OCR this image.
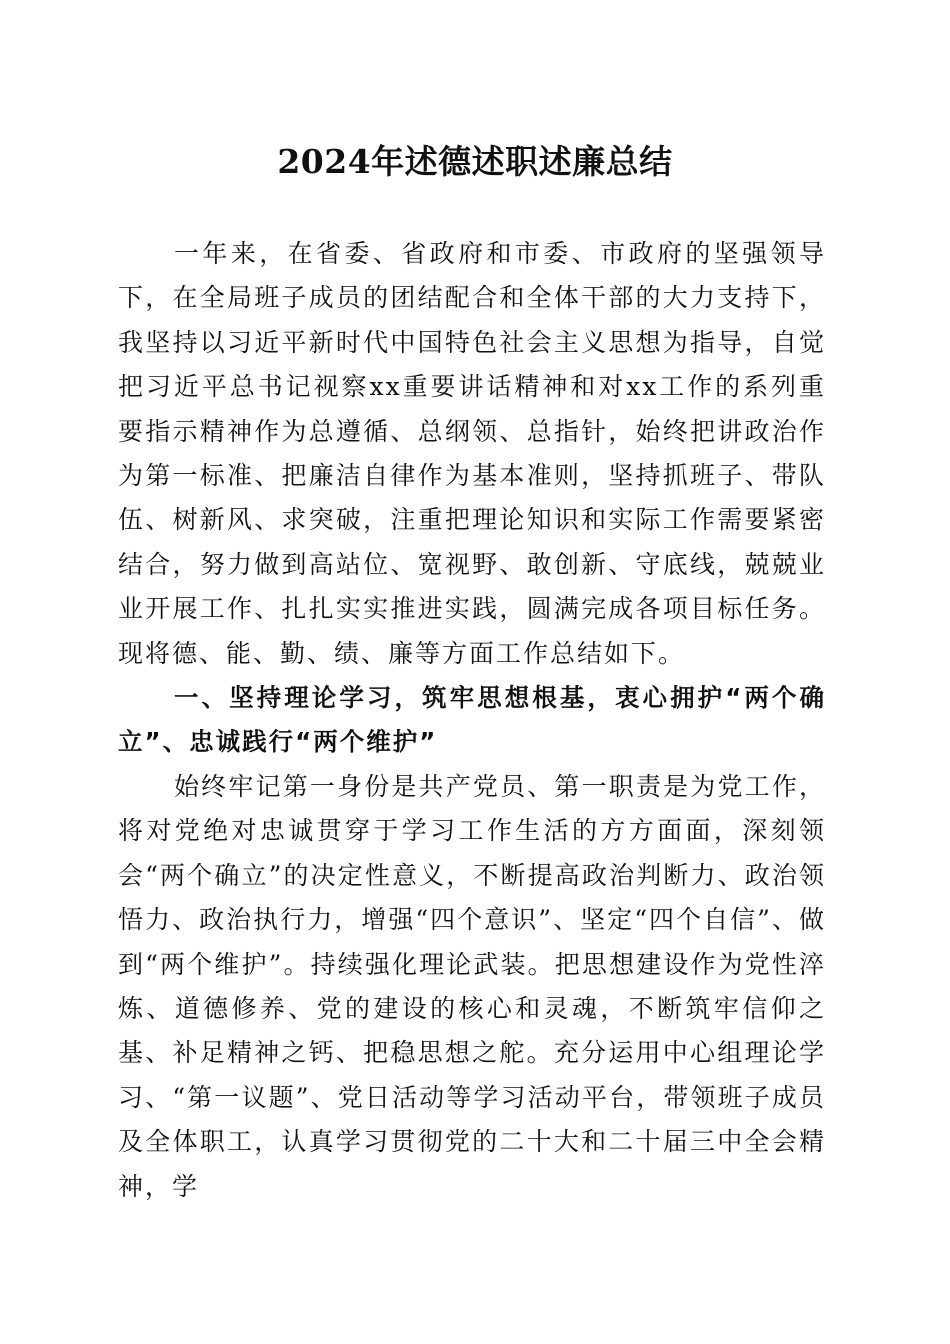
2024年述德述职述廉总结

一年来，在省委、省政府和市委、市政府的坚强领导下，在全局班子成员的团结配合和全体干部的大力支持下，我坚持以习近平新时代中国特色社会主义思想为指导，自觉把习近平总书记视察xx重要讲话精神和对xx工作的系列重要指示精神作为总遵循、总纲领、总指针，始终把讲政治作为第一标准、把廉洁自律作为基本准则，坚持抓班子、带队伍、树新风、求突破，注重把理论知识和实际工作需要紧密结合，努力做到高站位、宽视野、敢创新、守底线，兢兢业业开展工作、扎扎实实推进实践，圆满完成各项目标任务。现将德、能、勤、绩、廉等方面工作总结如下。

一、坚持理论学习，筑牢思想根基，衷心拥护“两个确立”、忠诚践行“两个维护”

始终牢记第一身份是共产党员、第一职责是为党工作，将对党绝对忠诚贯穿于学习工作生活的方方面面，深刻领会“两个确立”的决定性意义，不断提高政治判断力、政治领悟力、政治执行力，增强“四个意识”、坚定“四个自信”、做到“两个维护”。持续强化理论武装。把思想建设作为党性淬炼、道德修养、党的建设的核心和灵魂，不断筑牢信仰之基、补足精神之钙、把稳思想之舵。充分运用中心组理论学习、“第一议题”、党日活动等学习活动平台，带领班子成员及全体职工，认真学习贯彻党的二十大和二十届三中全会精神，学
